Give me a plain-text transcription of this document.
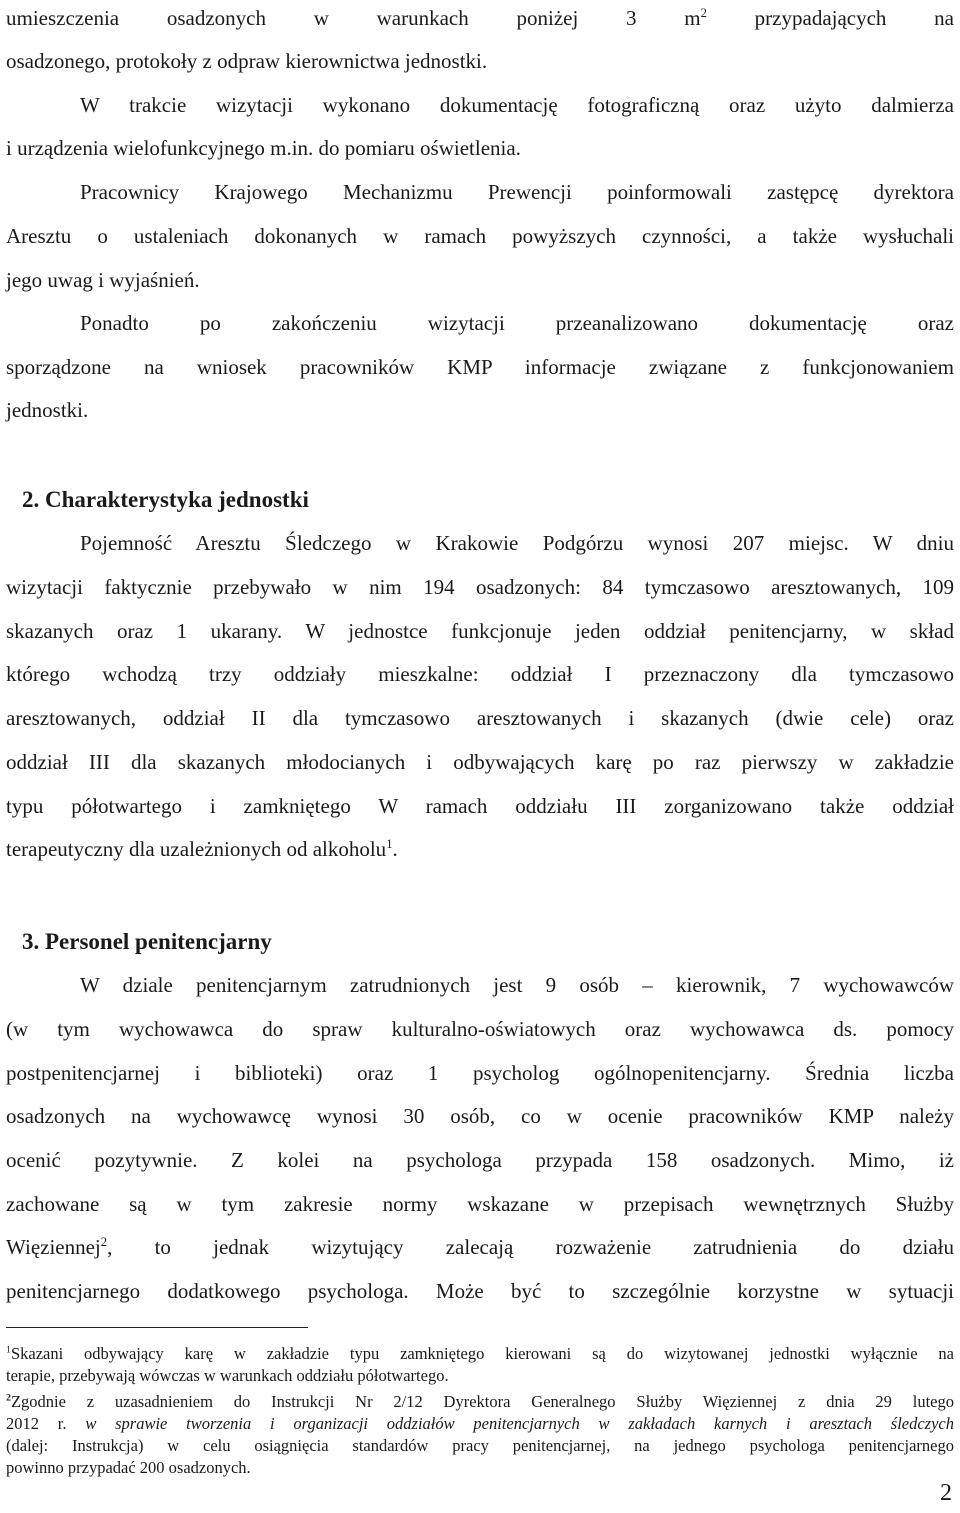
umieszczenia osadzonych w warunkach poniżej 3 $m^2$ przypadających na
osadzonego, protokoły z odpraw kierownictwa jednostki.
W trakcie wizytacji wykonano dokumentację fotograficzną oraz użyto dalmierza
i urządzenia wielofunkcyjnego m.in. do pomiaru oświetlenia.
Pracownicy Krajowego Mechanizmu Prewencji poinformowali zastępcę dyrektora
Aresztu o ustaleniach dokonanych w ramach powyższych czynności, a także wysłuchali
jego uwag i wyjaśnień.
Ponadto po zakończeniu wizytacji przeanalizowano dokumentację oraz
sporządzone na wniosek pracowników KMP informacje związane z funkcjonowaniem
jednostki.
2. Charakterystyka jednostki
Pojemność Aresztu Śledczego w Krakowie Podgórzu wynosi 207 miejsc. W dniu
wizytacji faktycznie przebywało w nim 194 osadzonych: 84 tymczasowo aresztowanych, 109
skazanych oraz 1 ukarany. W jednostce funkcjonuje jeden oddział penitencjarny, w skład
którego wchodzą trzy oddziały mieszkalne: oddział I przeznaczony dla tymczasowo
aresztowanych, oddział II dla tymczasowo aresztowanych i skazanych (dwie cele) oraz
oddział III dla skazanych młodocianych i odbywających karę po raz pierwszy w zakładzie
typu półotwartego i zamkniętego W ramach oddziału III zorganizowano także oddział
terapeutyczny dla uzależnionych od alkoholu$^1$.
3. Personel penitencjarny
W dziale penitencjarnym zatrudnionych jest 9 osób – kierownik, 7 wychowawców
(w tym wychowawca do spraw kulturalno-oświatowych oraz wychowawca ds. pomocy
postpenitencjarnej i biblioteki) oraz 1 psycholog ogólnopenitencjarny. Średnia liczba
osadzonych na wychowawcę wynosi 30 osób, co w ocenie pracowników KMP należy
ocenić pozytywnie. Z kolei na psychologa przypada 158 osadzonych. Mimo, iż
zachowane są w tym zakresie normy wskazane w przepisach wewnętrznych Służby
Więziennej$^2$, to jednak wizytujący zalecają rozważenie zatrudnienia do działu
penitencjarnego dodatkowego psychologa. Może być to szczególnie korzystne w sytuacji
$^1$Skazani odbywający karę w zakładzie typu zamkniętego kierowani są do wizytowanej jednostki wyłącznie na
terapie, przebywają wówczas w warunkach oddziału półotwartego.
$^2$Zgodnie z uzasadnieniem do Instrukcji Nr 2/12 Dyrektora Generalnego Służby Więziennej z dnia 29 lutego
2012 r. w sprawie tworzenia i organizacji oddziałów penitencjarnych w zakładach karnych i aresztach śledczych
(dalej: Instrukcja) w celu osiągnięcia standardów pracy penitencjarnej, na jednego psychologa penitencjarnego
powinno przypadać 200 osadzonych.
2
